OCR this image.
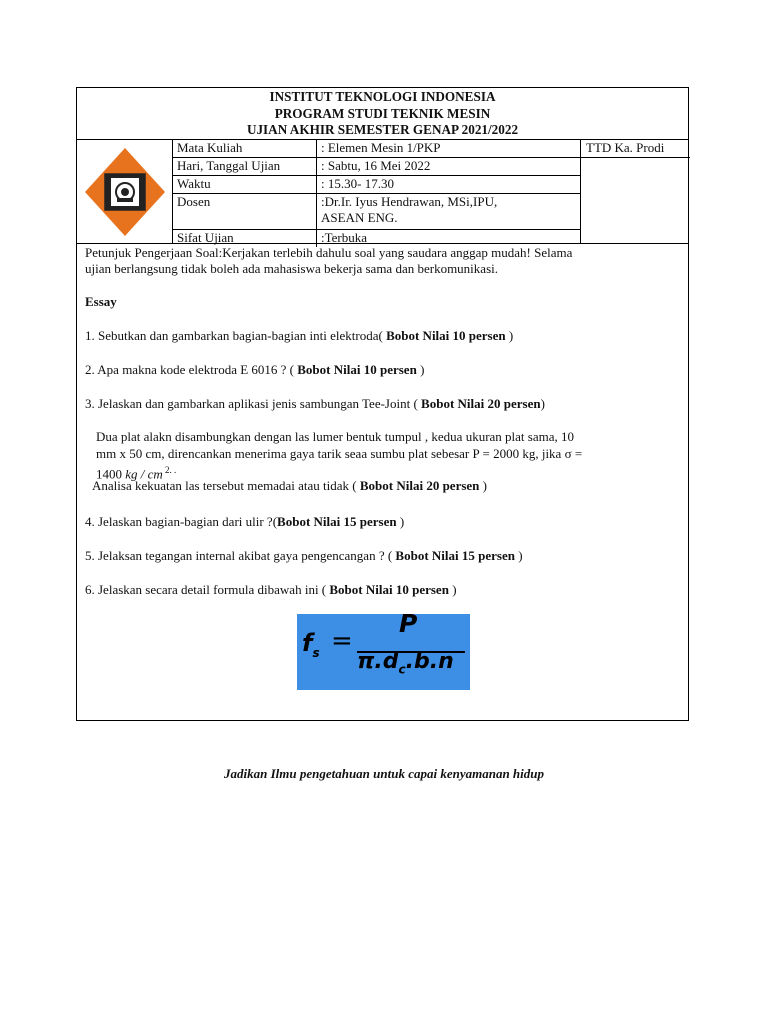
INSTITUT TEKNOLOGI INDONESIA
PROGRAM STUDI TEKNIK MESIN
UJIAN AKHIR SEMESTER GENAP 2021/2022
Mata Kuliah	: Elemen Mesin 1/PKP
Hari, Tanggal Ujian	: Sabtu, 16 Mei 2022
Waktu	: 15.30- 17.30
Dosen	:Dr.Ir. Iyus Hendrawan, MSi,IPU,
ASEAN ENG.
Sifat Ujian	:Terbuka
TTD Ka. Prodi
Petunjuk Pengerjaan Soal:Kerjakan terlebih dahulu soal yang saudara anggap mudah! Selama
ujian berlangsung tidak boleh ada mahasiswa bekerja sama dan berkomunikasi.
Essay
1. Sebutkan dan gambarkan bagian-bagian inti elektroda( Bobot Nilai 10 persen )
2. Apa makna kode elektroda E 6016 ? ( Bobot Nilai 10 persen )
3. Jelaskan dan gambarkan aplikasi jenis sambungan Tee-Joint ( Bobot Nilai 20 persen)
Dua plat alakn disambungkan dengan las lumer bentuk tumpul , kedua ukuran plat sama, 10
mm x 50 cm, direncankan menerima gaya tarik seaa sumbu plat sebesar P = 2000 kg, jika σ =
1400 kg / cm $^{2. .}$
Analisa kekuatan las tersebut memadai atau tidak ( Bobot Nilai 20 persen )
4. Jelaskan bagian-bagian dari ulir ?(Bobot Nilai 15 persen )
5. Jelaksan tegangan internal akibat gaya pengencangan ? ( Bobot Nilai 15 persen )
6. Jelaskan secara detail formula dibawah ini ( Bobot Nilai 10 persen )
$f_s$ =
P
$\pi.d_c.b.n$
Jadikan Ilmu pengetahuan untuk capai kenyamanan hidup
